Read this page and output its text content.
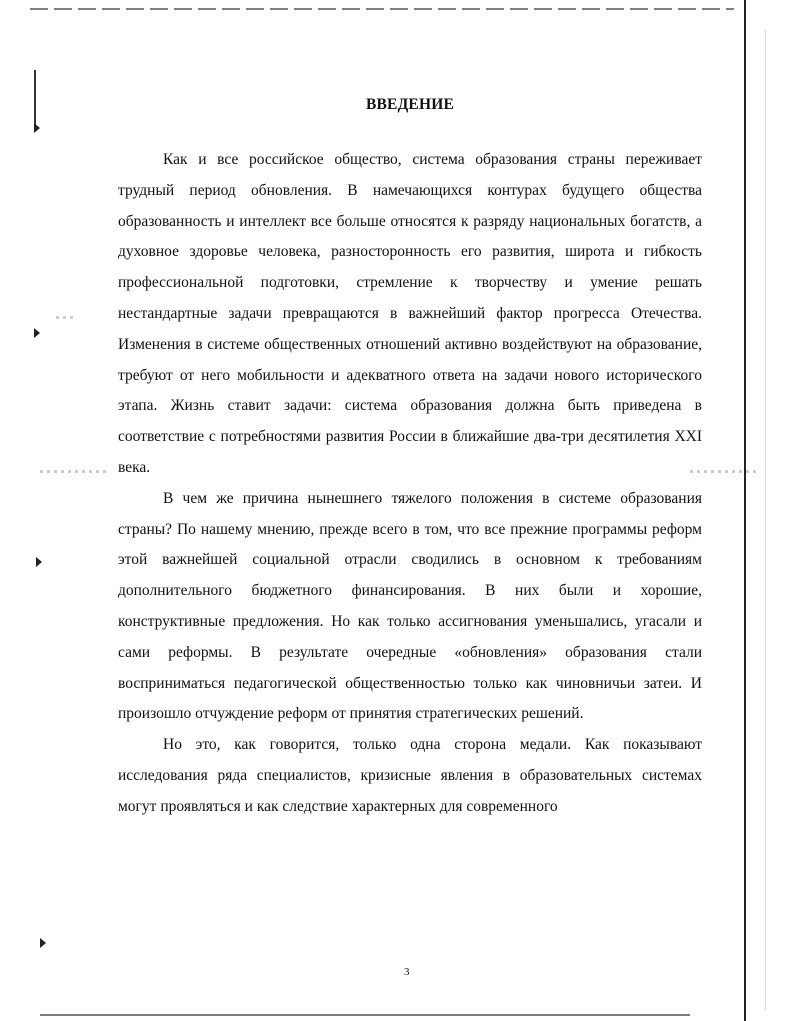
ВВЕДЕНИЕ

Как и все российское общество, система образования страны переживает трудный период обновления. В намечающихся контурах будущего общества образованность и интеллект все больше относятся к разряду национальных богатств, а духовное здоровье человека, разносторонность его развития, широта и гибкость профессиональной подготовки, стремление к творчеству и умение решать нестандартные задачи превращаются в важнейший фактор прогресса Отечества. Изменения в системе общественных отношений активно воздействуют на образование, требуют от него мобильности и адекватного ответа на задачи нового исторического этапа. Жизнь ставит задачи: система образования должна быть приведена в соответствие с потребностями развития России в ближайшие два-три десятилетия XXI века.

В чем же причина нынешнего тяжелого положения в системе образования страны? По нашему мнению, прежде всего в том, что все прежние программы реформ этой важнейшей социальной отрасли сводились в основном к требованиям дополнительного бюджетного финансирования. В них были и хорошие, конструктивные предложения. Но как только ассигнования уменьшались, угасали и сами реформы. В результате очередные «обновления» образования стали восприниматься педагогической общественностью только как чиновничьи затеи. И произошло отчуждение реформ от принятия стратегических решений.

Но это, как говорится, только одна сторона медали. Как показывают исследования ряда специалистов, кризисные явления в образовательных системах могут проявляться и как следствие характерных для современного

3
